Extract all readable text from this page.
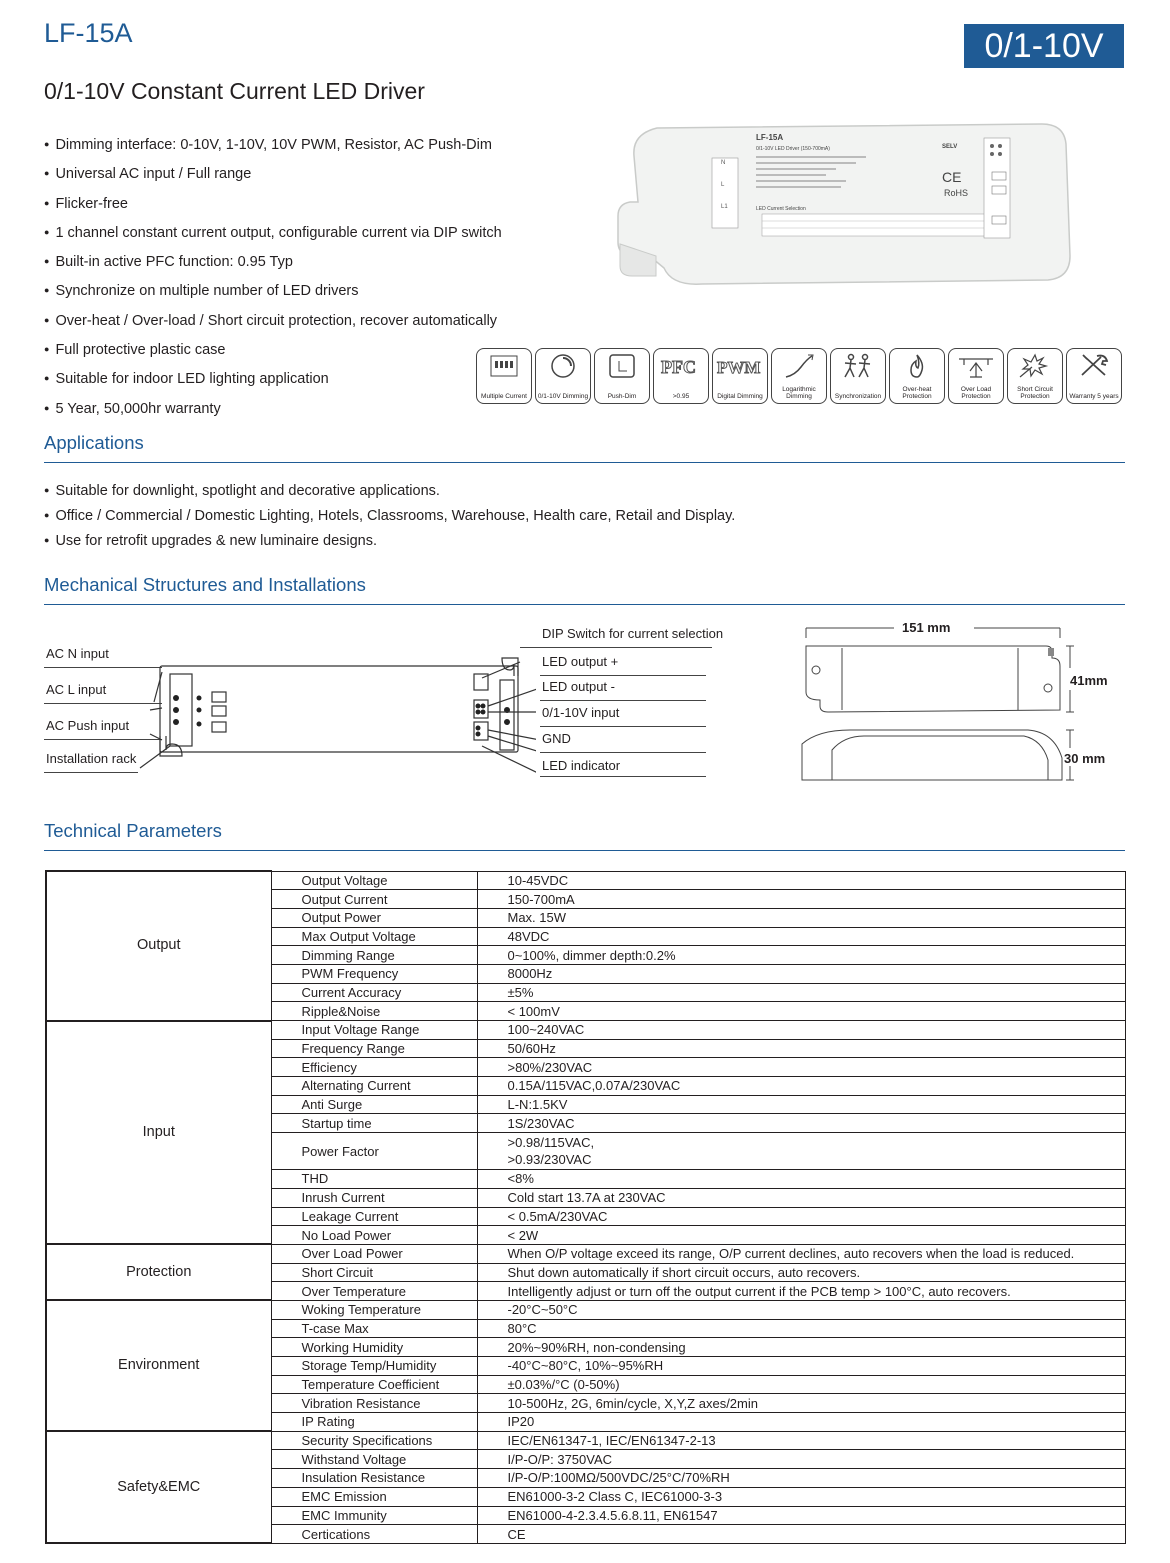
LF-15A	0/1-10V
0/1-10V Constant Current LED Driver
● Dimming interface: 0-10V, 1-10V, 10V PWM, Resistor, AC Push-Dim
● Universal AC input / Full range
● Flicker-free
● 1 channel constant current output, configurable current via DIP switch
● Built-in active PFC function: 0.95 Typ
● Synchronize on multiple number of LED drivers
● Over-heat / Over-load / Short circuit protection, recover automatically
● Full protective plastic case
● Suitable for indoor LED lighting application
● 5 Year, 50,000hr warranty
N
L
L1
LF-15A
0/1-10V LED Driver (150-700mA)
LED Current Selection
SELV
CE
RoHS
Multiple Current 0/1-10V Dimming	Push-Dim
PFC
>0.95
PWM
Digital Dimming
Logarithmic Dimming	Synchronization
Over-heat Protection
Over Load Protection
Short Circuit Protection	Warranty 5 years
Applications
● Suitable for downlight, spotlight and decorative applications.
● Office / Commercial / Domestic Lighting, Hotels, Classrooms, Warehouse, Health care, Retail and Display.
● Use for retrofit upgrades & new luminaire designs.
Mechanical Structures and Installations
AC N input
AC L input
AC Push input
Installation rack
DIP Switch for current selection
LED output +
LED output -
0/1-10V input
GND
LED indicator
151 mm
41mm
30 mm
Technical Parameters
Output	Output Voltage	10-45VDC
	Output Current	150-700mA
	Output Power	Max. 15W
	Max Output Voltage	48VDC
	Dimming Range	0~100%, dimmer depth:0.2%
	PWM Frequency	8000Hz
	Current Accuracy	±5%
	Ripple&Noise	< 100mV
Input	Input Voltage Range	100~240VAC
	Frequency Range	50/60Hz
	Efficiency	>80%/230VAC
	Alternating Current	0.15A/115VAC,0.07A/230VAC
	Anti Surge	L-N:1.5KV
	Startup time	1S/230VAC
	Power Factor	>0.98/115VAC,
>0.93/230VAC
	THD	<8%
	Inrush Current	Cold start 13.7A at 230VAC
	Leakage Current	< 0.5mA/230VAC
	No Load Power	< 2W
Protection	Over Load Power	When O/P voltage exceed its range, O/P current declines, auto recovers when the load is reduced.
	Short Circuit	Shut down automatically if short circuit occurs, auto recovers.
	Over Temperature	Intelligently adjust or turn off the output current if the PCB temp > 100°C, auto recovers.
Environment	Woking Temperature	-20°C~50°C
	T-case Max	80°C
	Working Humidity	20%~90%RH, non-condensing
	Storage Temp/Humidity	-40°C~80°C, 10%~95%RH
	Temperature Coefficient	±0.03%/°C (0-50%)
	Vibration Resistance	10-500Hz, 2G, 6min/cycle, X,Y,Z axes/2min
	IP Rating	IP20
Safety&EMC	Security Specifications	IEC/EN61347-1, IEC/EN61347-2-13
	Withstand Voltage	I/P-O/P: 3750VAC
	Insulation Resistance	I/P-O/P:100MΩ/500VDC/25°C/70%RH
	EMC Emission	EN61000-3-2 Class C, IEC61000-3-3
	EMC Immunity	EN61000-4-2.3.4.5.6.8.11, EN61547
	Certications	CE
